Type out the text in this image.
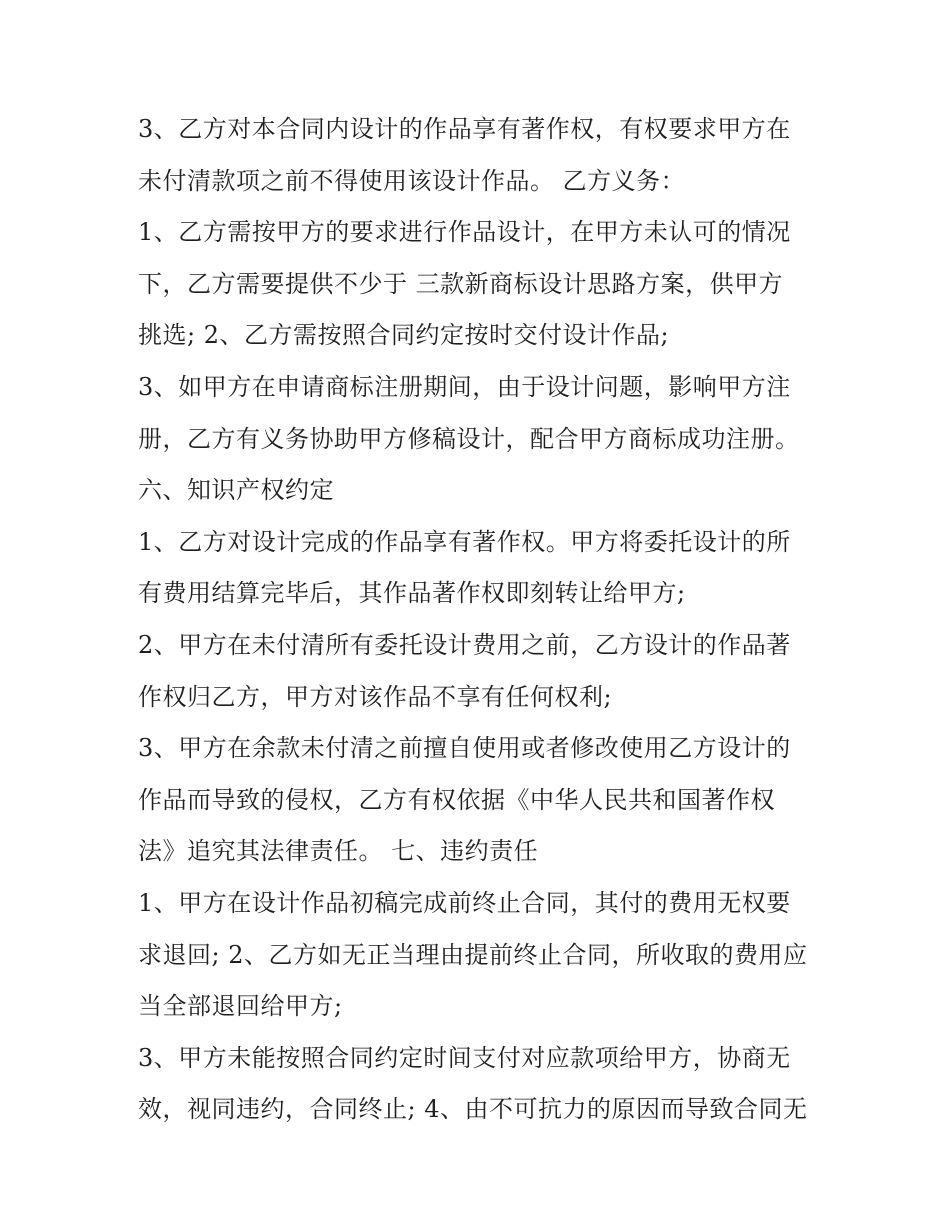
3、乙方对本合同内设计的作品享有著作权，有权要求甲方在
未付清款项之前不得使用该设计作品。 乙方义务：
1、乙方需按甲方的要求进行作品设计，在甲方未认可的情况
下，乙方需要提供不少于 三款新商标设计思路方案，供甲方
挑选; 2、乙方需按照合同约定按时交付设计作品;
3、如甲方在申请商标注册期间，由于设计问题，影响甲方注
册，乙方有义务协助甲方修稿设计，配合甲方商标成功注册。
六、知识产权约定
1、乙方对设计完成的作品享有著作权。甲方将委托设计的所
有费用结算完毕后，其作品著作权即刻转让给甲方;
2、甲方在未付清所有委托设计费用之前，乙方设计的作品著
作权归乙方，甲方对该作品不享有任何权利;
3、甲方在余款未付清之前擅自使用或者修改使用乙方设计的
作品而导致的侵权，乙方有权依据《中华人民共和国著作权
法》追究其法律责任。 七、违约责任
1、甲方在设计作品初稿完成前终止合同，其付的费用无权要
求退回; 2、乙方如无正当理由提前终止合同，所收取的费用应
当全部退回给甲方;
3、甲方未能按照合同约定时间支付对应款项给甲方，协商无
效，视同违约，合同终止; 4、由不可抗力的原因而导致合同无
